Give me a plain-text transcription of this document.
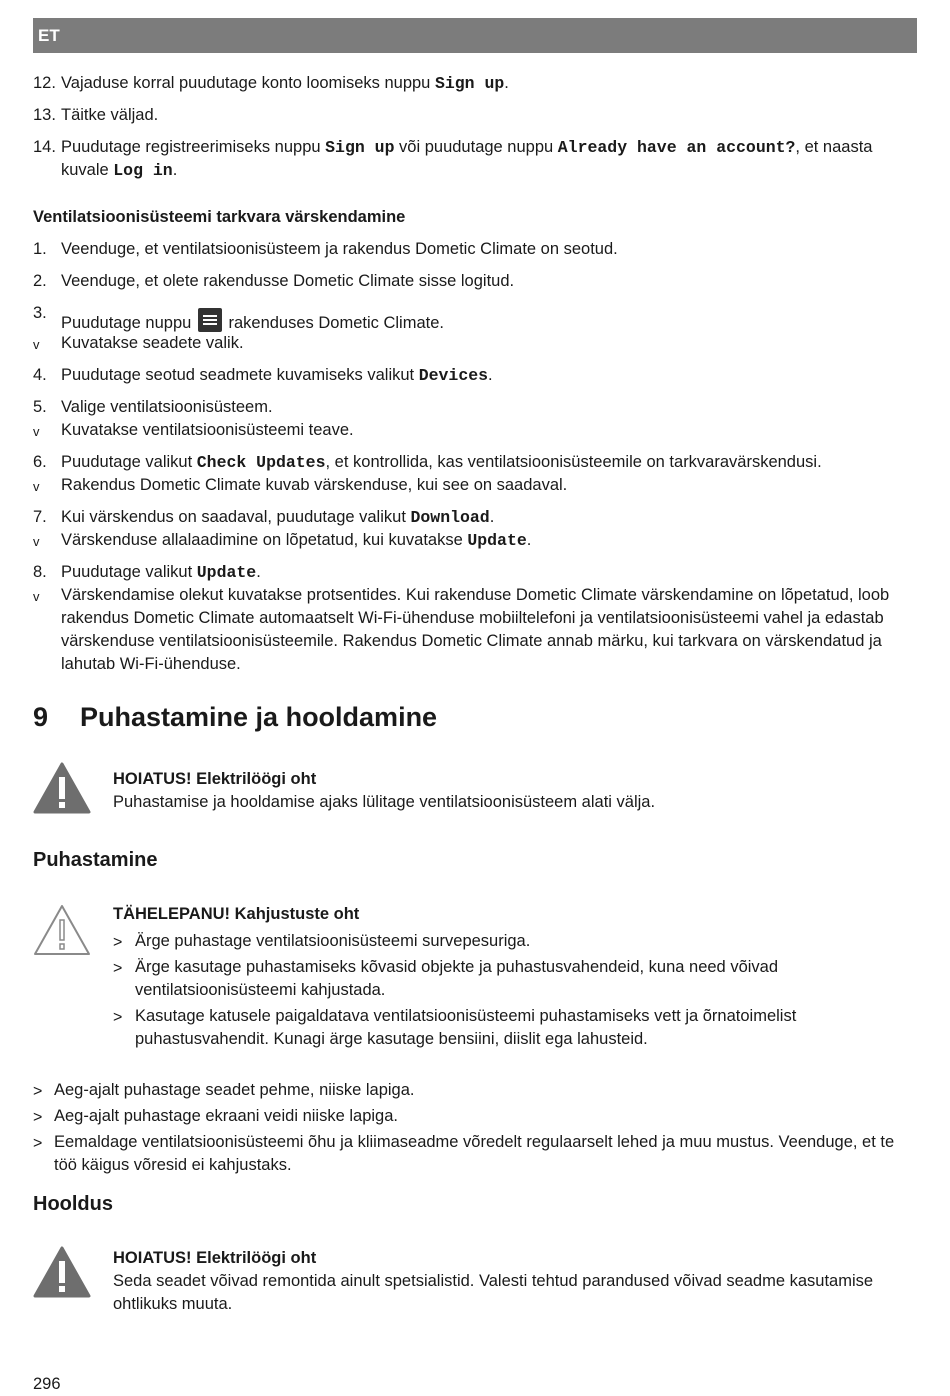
ET
12. Vajaduse korral puudutage konto loomiseks nuppu Sign up.
13. Täitke väljad.
14. Puudutage registreerimiseks nuppu Sign up või puudutage nuppu Already have an account?, et naasta kuvale Log in.
Ventilatsioonisüsteemi tarkvara värskendamine
1. Veenduge, et ventilatsioonisüsteem ja rakendus Dometic Climate on seotud.
2. Veenduge, et olete rakendusse Dometic Climate sisse logitud.
3.
Puudutage nuppu
rakenduses Dometic Climate.
v Kuvatakse seadete valik.
4. Puudutage seotud seadmete kuvamiseks valikut Devices.
5. Valige ventilatsioonisüsteem.
v Kuvatakse ventilatsioonisüsteemi teave.
6. Puudutage valikut Check Updates, et kontrollida, kas ventilatsioonisüsteemile on tarkvaravärskendusi.
v Rakendus Dometic Climate kuvab värskenduse, kui see on saadaval.
7. Kui värskendus on saadaval, puudutage valikut Download.
v Värskenduse allalaadimine on lõpetatud, kui kuvatakse Update.
8. Puudutage valikut Update.
v Värskendamise olekut kuvatakse protsentides. Kui rakenduse Dometic Climate värskendamine on lõpetatud, loob rakendus Dometic Climate automaatselt Wi-Fi-ühenduse mobiiltelefoni ja ventilatsioonisüsteemi vahel ja edastab värskenduse ventilatsioonisüsteemile. Rakendus Dometic Climate annab märku, kui tarkvara on värskendatud ja lahutab Wi-Fi-ühenduse.
9 Puhastamine ja hooldamine
HOIATUS! Elektrilöögi oht
Puhastamise ja hooldamise ajaks lülitage ventilatsioonisüsteem alati välja.
Puhastamine
TÄHELEPANU! Kahjustuste oht
> Ärge puhastage ventilatsioonisüsteemi survepesuriga.
> Ärge kasutage puhastamiseks kõvasid objekte ja puhastusvahendeid, kuna need võivad ventilatsioonisüsteemi kahjustada.
> Kasutage katusele paigaldatava ventilatsioonisüsteemi puhastamiseks vett ja õrnatoimelist puhastusvahendit. Kunagi ärge kasutage bensiini, diislit ega lahusteid.
> Aeg-ajalt puhastage seadet pehme, niiske lapiga.
> Aeg-ajalt puhastage ekraani veidi niiske lapiga.
> Eemaldage ventilatsioonisüsteemi õhu ja kliimaseadme võredelt regulaarselt lehed ja muu mustus. Veenduge, et te töö käigus võresid ei kahjustaks.
Hooldus
HOIATUS! Elektrilöögi oht
Seda seadet võivad remontida ainult spetsialistid. Valesti tehtud parandused võivad seadme kasutamise ohtlikuks muuta.
296
